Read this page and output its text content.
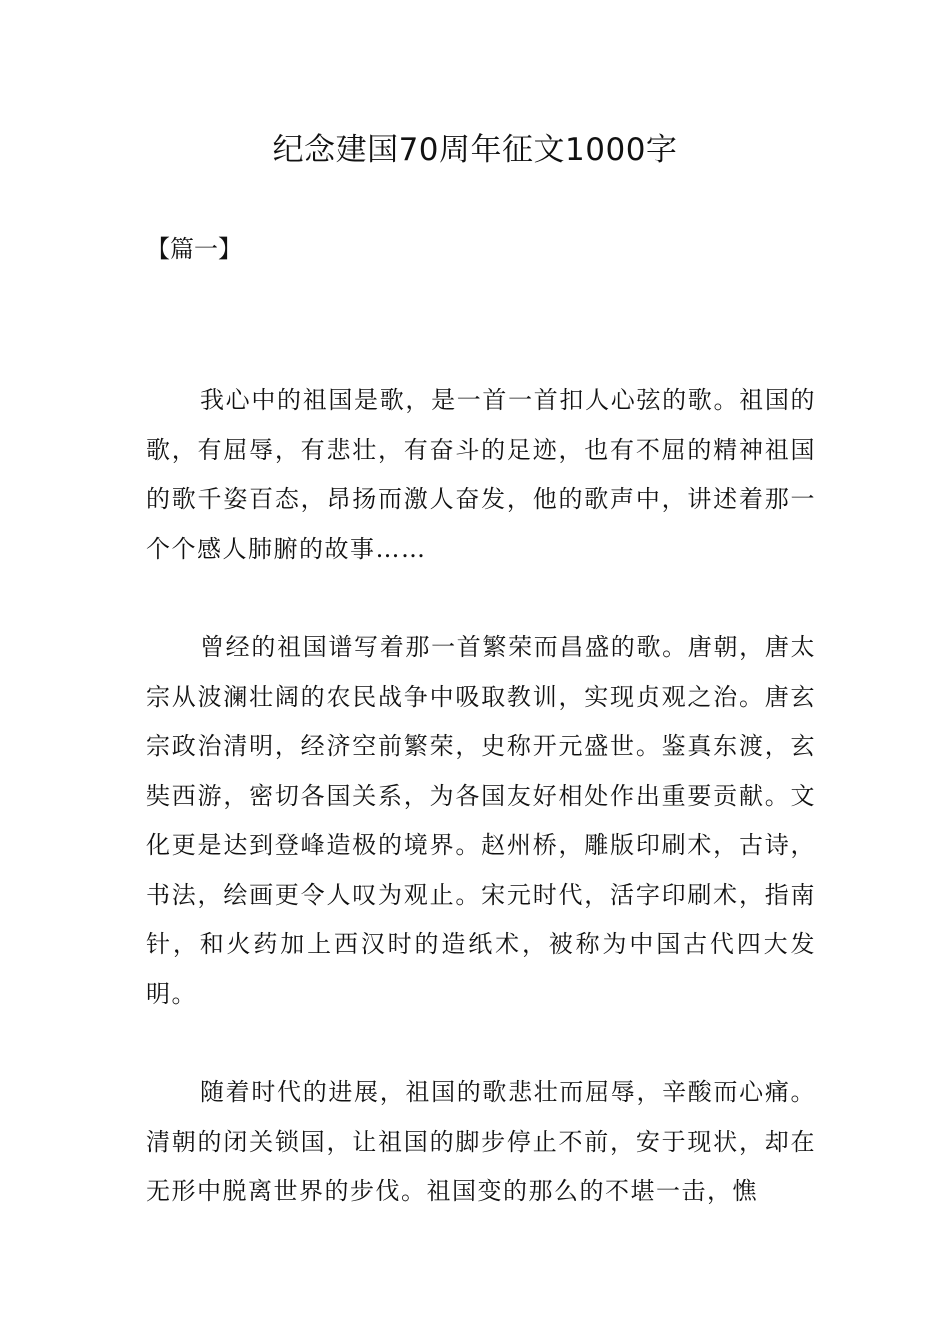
纪念建国70周年征文1000字
【篇一】

我心中的祖国是歌，是一首一首扣人心弦的歌。祖国的歌，有屈辱，有悲壮，有奋斗的足迹，也有不屈的精神祖国的歌千姿百态，昂扬而激人奋发，他的歌声中，讲述着那一个个感人肺腑的故事……

曾经的祖国谱写着那一首繁荣而昌盛的歌。唐朝，唐太宗从波澜壮阔的农民战争中吸取教训，实现贞观之治。唐玄宗政治清明，经济空前繁荣，史称开元盛世。鉴真东渡，玄奘西游，密切各国关系，为各国友好相处作出重要贡献。文化更是达到登峰造极的境界。赵州桥，雕版印刷术，古诗，书法，绘画更令人叹为观止。宋元时代，活字印刷术，指南针，和火药加上西汉时的造纸术，被称为中国古代四大发明。

随着时代的进展，祖国的歌悲壮而屈辱，辛酸而心痛。清朝的闭关锁国，让祖国的脚步停止不前，安于现状，却在无形中脱离世界的步伐。祖国变的那么的不堪一击，憔
